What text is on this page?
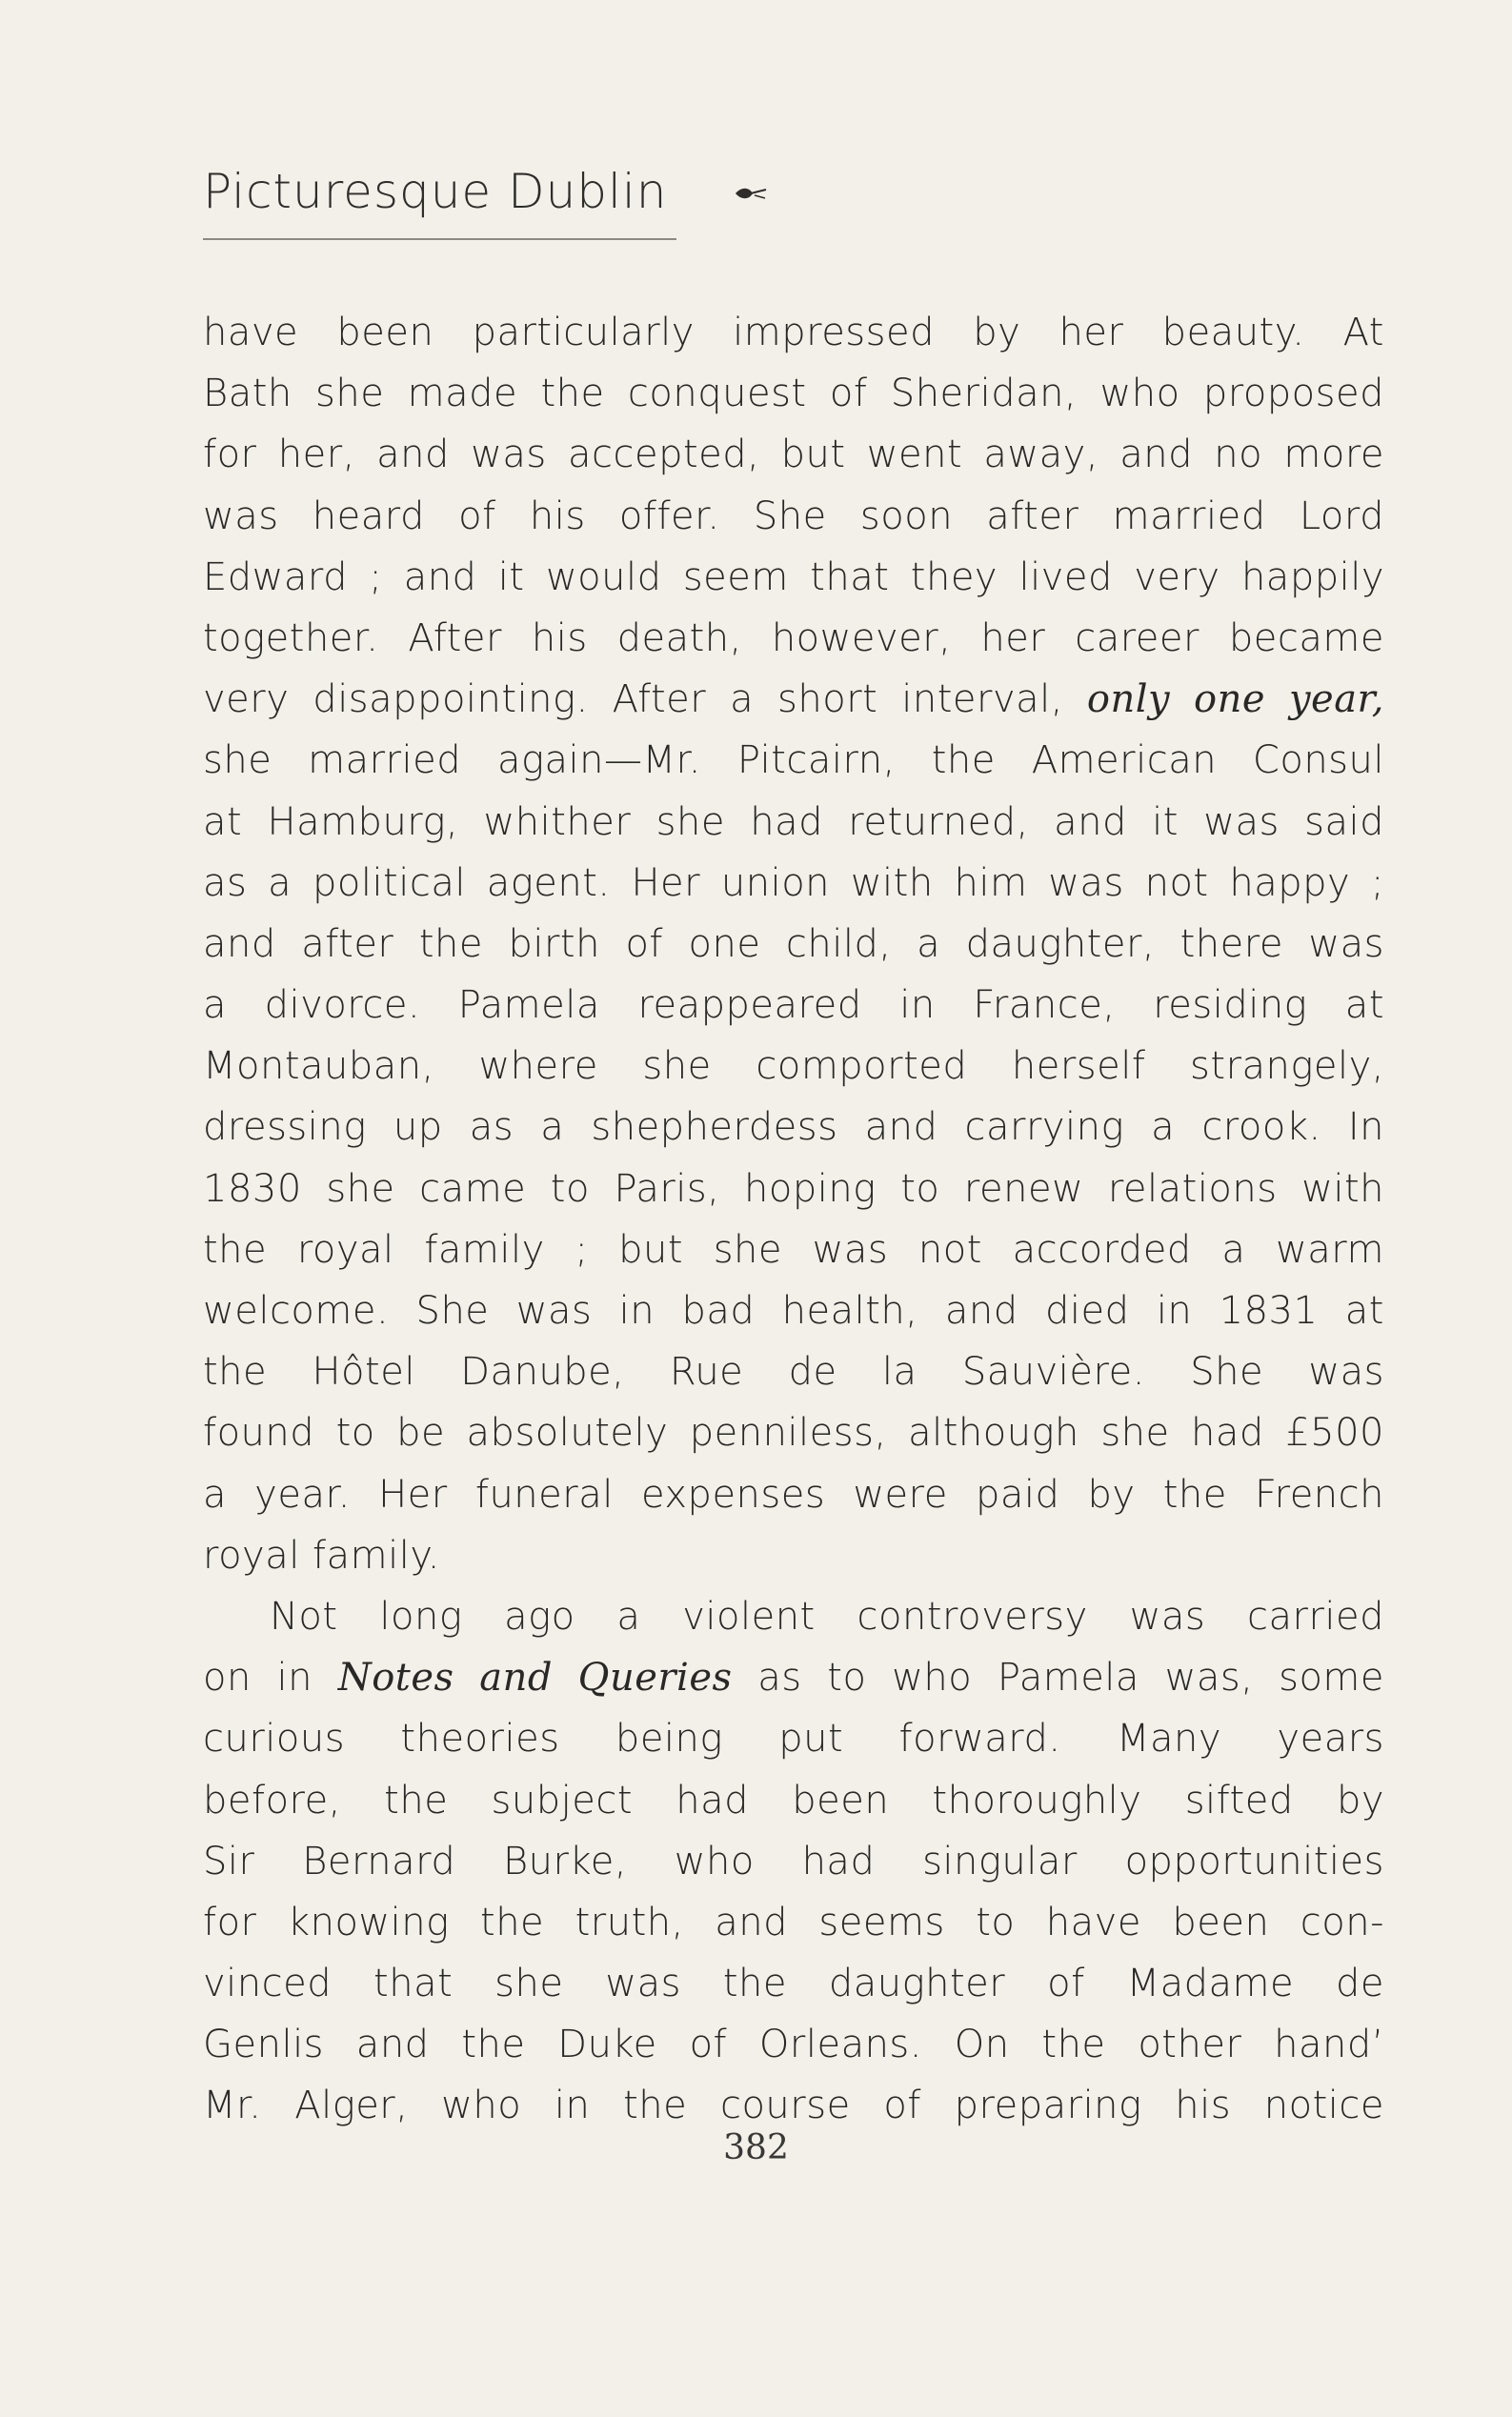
Picturesque Dublin
have been particularly impressed by her beauty. At
Bath she made the conquest of Sheridan, who proposed
for her, and was accepted, but went away, and no more
was heard of his offer. She soon after married Lord
Edward ; and it would seem that they lived very happily
together. After his death, however, her career became
very disappointing. After a short interval, only one year,
she married again—Mr. Pitcairn, the American Consul
at Hamburg, whither she had returned, and it was said
as a political agent. Her union with him was not happy ;
and after the birth of one child, a daughter, there was
a divorce. Pamela reappeared in France, residing at
Montauban, where she comported herself strangely,
dressing up as a shepherdess and carrying a crook. In
1830 she came to Paris, hoping to renew relations with
the royal family ; but she was not accorded a warm
welcome. She was in bad health, and died in 1831 at
the Hôtel Danube, Rue de la Sauvière. She was
found to be absolutely penniless, although she had £500
a year. Her funeral expenses were paid by the French
royal family.
Not long ago a violent controversy was carried
on in Notes and Queries as to who Pamela was, some
curious theories being put forward. Many years
before, the subject had been thoroughly sifted by
Sir Bernard Burke, who had singular opportunities
for knowing the truth, and seems to have been con-
vinced that she was the daughter of Madame de
Genlis and the Duke of Orleans. On the other hand’
Mr. Alger, who in the course of preparing his notice
382
